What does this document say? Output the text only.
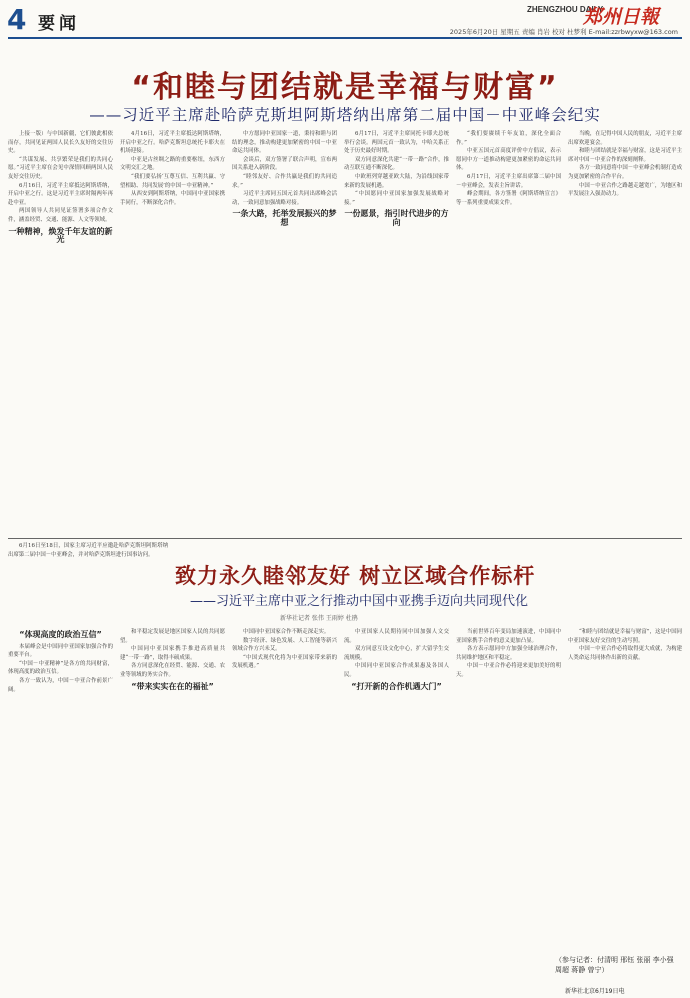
4 要闻
ZHENGZHOU DAILY
郑州日報
2025年6月20日 星期五 责编 肖岩 校对 杜梦利 E-mail:zzrbwyxw@163.com
“和睦与团结就是幸福与财富”
——习近平主席赴哈萨克斯坦阿斯塔纳出席第二届中国－中亚峰会纪实

上接一版）与中国新疆，它们彼此相依而存，共同见证两国人民长久友好的交往历史。

“共谋发展、共享繁荣是我们的共同心愿。”习近平主席在会见中深情回顾两国人民友好交往历史。

6月16日，习近平主席抵达阿斯塔纳，开启中亚之行。这是习近平主席时隔两年再赴中亚。

两国领导人共同见证签署多项合作文件，涵盖经贸、交通、能源、人文等领域。

一种精神，焕发千年友谊的新光

4月16日，习近平主席抵达阿斯塔纳，开启中亚之行。哈萨克斯坦总统托卡耶夫在机场迎接。

中亚是古丝绸之路的重要枢纽，东西方文明交汇之地。

“我们要弘扬‘互尊互信、互利共赢、守望相助、共同发展’的中国－中亚精神。”

从西安到阿斯塔纳，中国同中亚国家携手同行，不断深化合作。

中方愿同中亚国家一道，秉持和睦与团结的理念，推动构建更加紧密的中国－中亚命运共同体。

会谈后，双方签署了联合声明，宣布两国关系进入新阶段。

“睦邻友好、合作共赢是我们的共同追求。”

习近平主席同五国元首共同出席峰会活动，一致同意加强战略对接。

一条大路，托举发展振兴的梦想

6月17日，习近平主席同托卡耶夫总统举行会谈。两国元首一致认为，中哈关系正处于历史最好时期。

双方同意深化共建“一带一路”合作，推动互联互通不断深化。

中欧班列穿越亚欧大陆，为沿线国家带来新的发展机遇。

“中国愿同中亚国家加强发展战略对接。”

一份愿景，指引时代进步的方向

“我们要赓续千年友谊，深化全面合作。”

中亚五国元首高度评价中方倡议，表示愿同中方一道推动构建更加紧密的命运共同体。

6月17日，习近平主席出席第二届中国－中亚峰会，发表主旨讲话。

峰会期间，各方签署《阿斯塔纳宣言》等一系列重要成果文件。

当晚，在记得中国人民的朋友，习近平主席出席欢迎宴会。

和睦与团结就是幸福与财富，这是习近平主席对中国－中亚合作的深刻阐释。

各方一致同意将中国－中亚峰会机制打造成为更加紧密的合作平台。

中国－中亚合作之路越走越宽广，为地区和平发展注入强劲动力。

致力永久睦邻友好 树立区域合作标杆
——习近平主席中亚之行推动中国中亚携手迈向共同现代化
新华社记者 张伟 王雨婷 杜鹃

6月16日至18日，国家主席习近平应邀赴哈萨克斯坦阿斯塔纳出席第二届中国－中亚峰会，并对哈萨克斯坦进行国事访问。

“体现高度的政治互信”

本届峰会是中国同中亚国家加强合作的重要平台。

“中国－中亚精神”是各方的共同财富，体现高度的政治互信。

各方一致认为，中国－中亚合作前景广阔。

和平稳定发展是地区国家人民的共同愿望。

中国同中亚国家携手推进高质量共建“一带一路”，取得丰硕成果。

各方同意深化在经贸、能源、交通、农业等领域的务实合作。

“带来实实在在的福祉”

中国同中亚国家合作不断走深走实。

数字经济、绿色发展、人工智能等新兴领域合作方兴未艾。

“中国式现代化将为中亚国家带来新的发展机遇。”

中亚国家人民期待同中国加强人文交流。

双方同意互设文化中心，扩大留学生交流规模。

中国同中亚国家合作成果惠及各国人民。

“打开新的合作机遇大门”

当前世界百年变局加速演进，中国同中亚国家携手合作的意义更加凸显。

各方表示愿同中方加强全球治理合作，共同维护地区和平稳定。

中国－中亚合作必将迎来更加美好的明天。

“和睦与团结就是幸福与财富”，这是中国同中亚国家友好交往的生动写照。

中国－中亚合作必将取得更大成就，为构建人类命运共同体作出新的贡献。

（参与记者：付清明 邢钰 张丽 李小强
周超 蒋静 曾宁）
新华社北京6月19日电
